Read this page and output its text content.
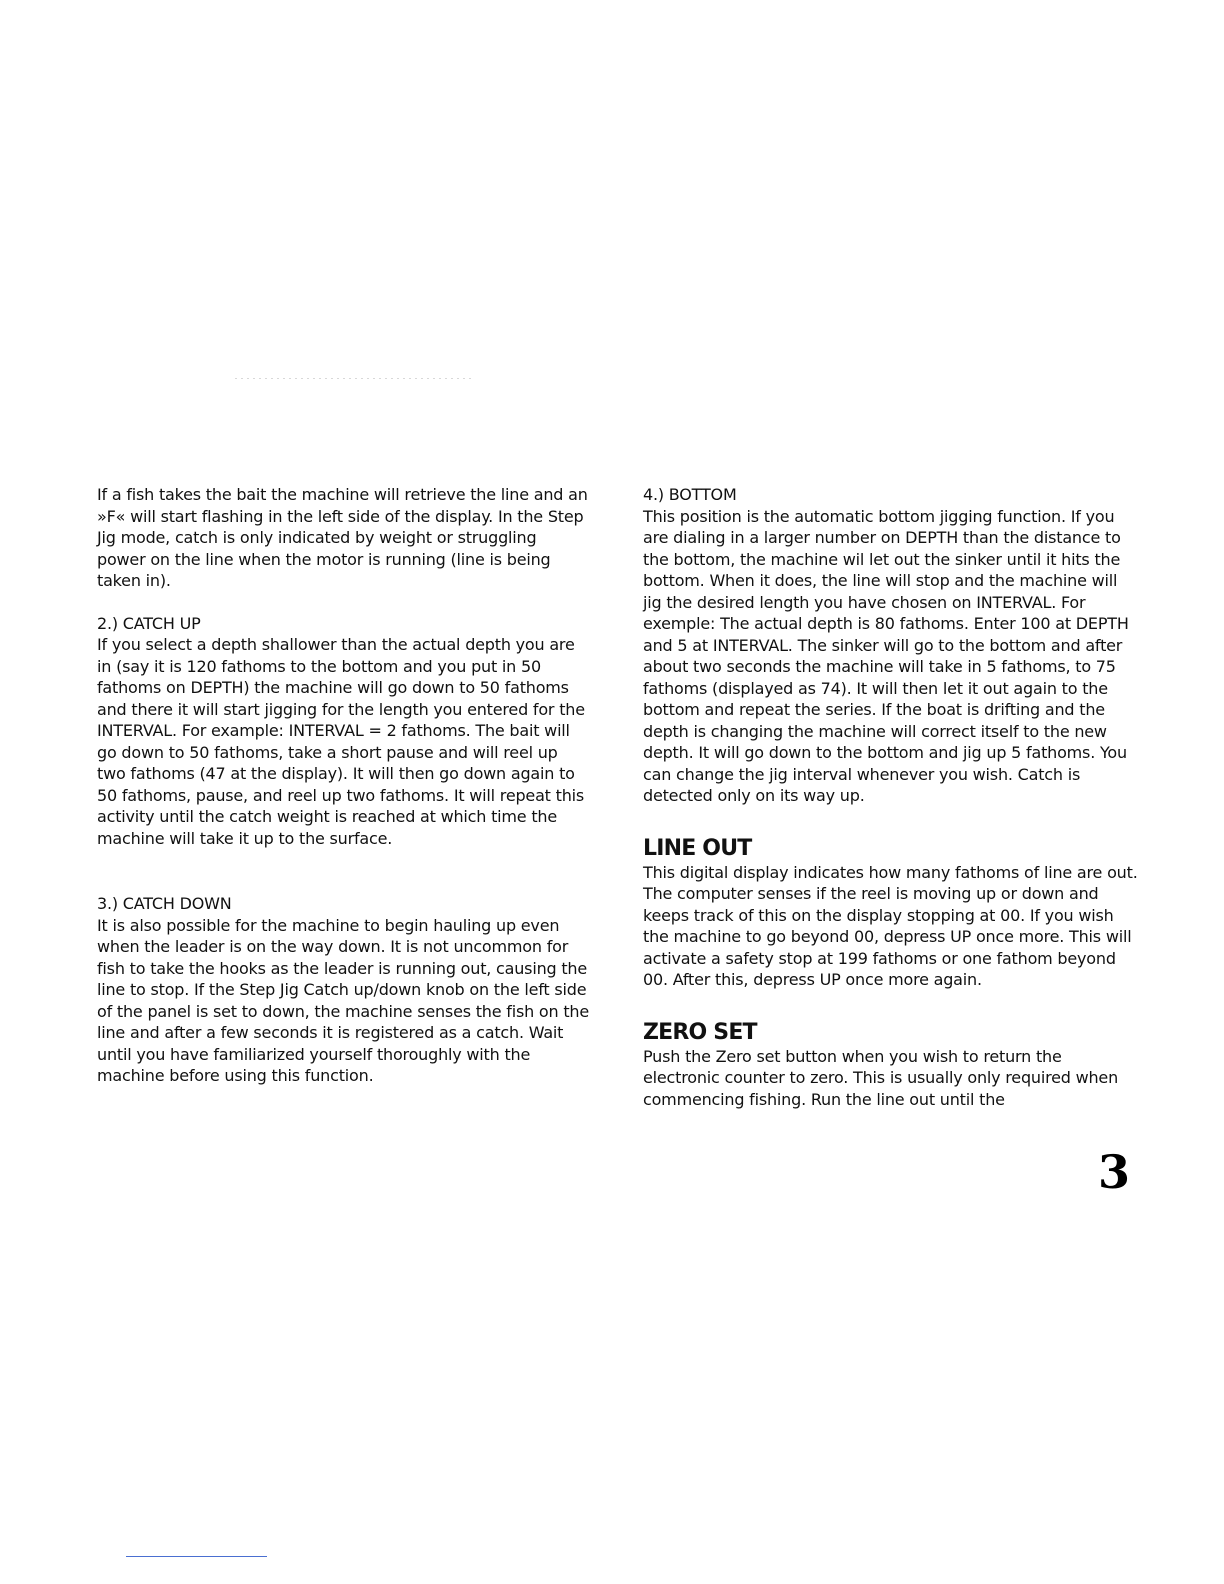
If a fish takes the bait the machine will retrieve the line and an »F« will start flashing in the left side of the display. In the Step Jig mode, catch is only indicated by weight or struggling power on the line when the motor is running (line is being taken in).

2.) CATCH UP

If you select a depth shallower than the actual depth you are in (say it is 120 fathoms to the bottom and you put in 50 fathoms on DEPTH) the machine will go down to 50 fathoms and there it will start jigging for the length you entered for the INTERVAL. For example: INTERVAL = 2 fathoms. The bait will go down to 50 fathoms, take a short pause and will reel up two fathoms (47 at the display). It will then go down again to 50 fathoms, pause, and reel up two fathoms. It will repeat this activity until the catch weight is reached at which time the machine will take it up to the surface.

3.) CATCH DOWN

It is also possible for the machine to begin hauling up even when the leader is on the way down. It is not uncommon for fish to take the hooks as the leader is running out, causing the line to stop. If the Step Jig Catch up/down knob on the left side of the panel is set to down, the machine senses the fish on the line and after a few seconds it is registered as a catch. Wait until you have familiarized yourself thoroughly with the machine before using this function.

4.) BOTTOM

This position is the automatic bottom jigging function. If you are dialing in a larger number on DEPTH than the distance to the bottom, the machine wil let out the sinker until it hits the bottom. When it does, the line will stop and the machine will jig the desired length you have chosen on INTERVAL. For exemple: The actual depth is 80 fathoms. Enter 100 at DEPTH and 5 at INTERVAL. The sinker will go to the bottom and after about two seconds the machine will take in 5 fathoms, to 75 fathoms (displayed as 74). It will then let it out again to the bottom and repeat the series. If the boat is drifting and the depth is changing the machine will correct itself to the new depth. It will go down to the bottom and jig up 5 fathoms. You can change the jig interval whenever you wish. Catch is detected only on its way up.

LINE OUT

This digital display indicates how many fathoms of line are out. The computer senses if the reel is moving up or down and keeps track of this on the display stopping at 00. If you wish the machine to go beyond 00, depress UP once more. This will activate a safety stop at 199 fathoms or one fathom beyond 00. After this, depress UP once more again.

ZERO SET

Push the Zero set button when you wish to return the electronic counter to zero. This is usually only required when commencing fishing. Run the line out until the

3
